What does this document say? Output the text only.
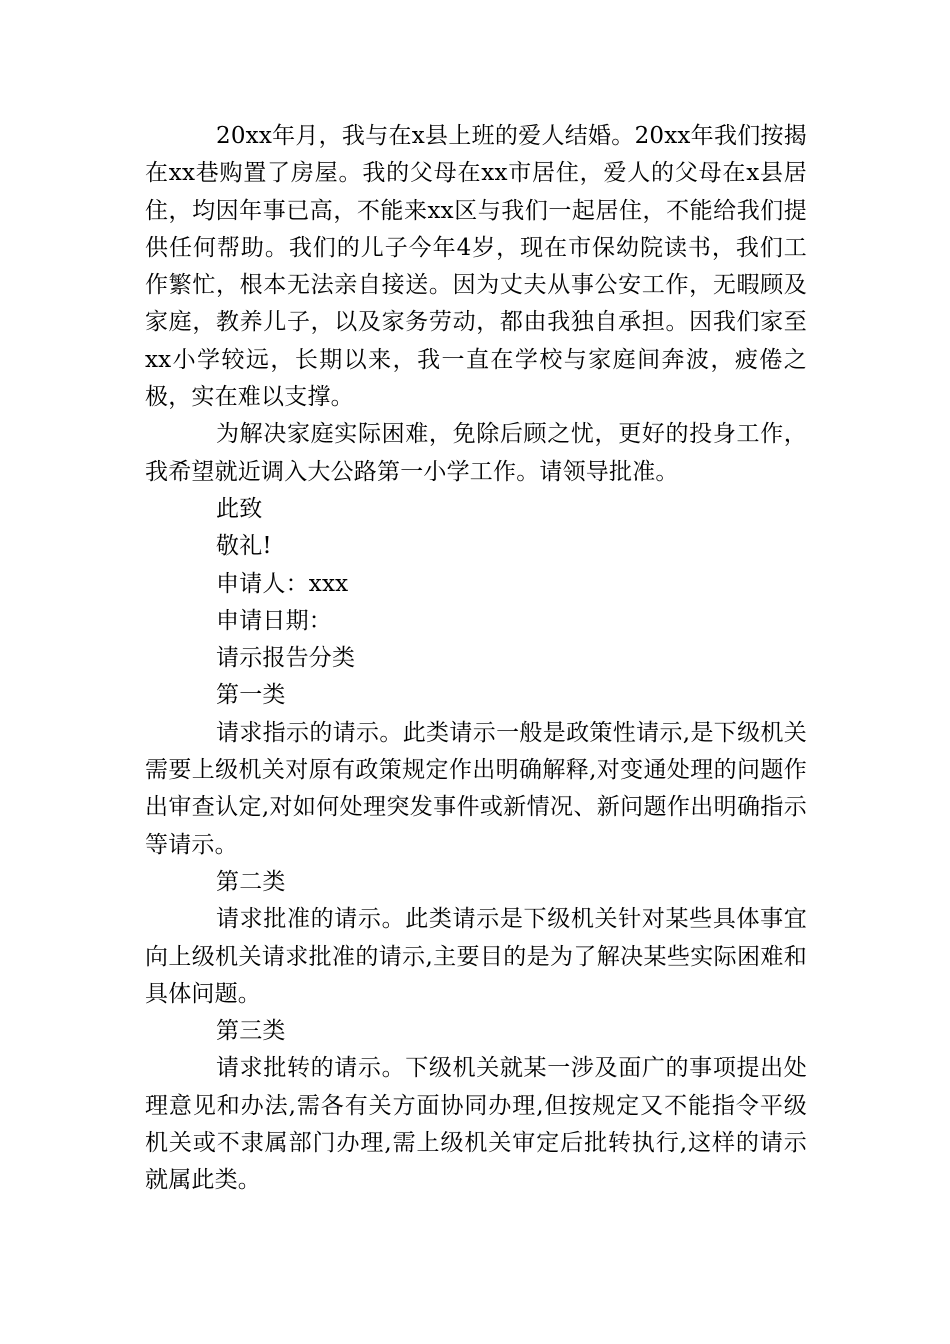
20xx年月，我与在x县上班的爱人结婚。20xx年我们按揭在xx巷购置了房屋。我的父母在xx市居住，爱人的父母在x县居住，均因年事已高，不能来xx区与我们一起居住，不能给我们提供任何帮助。我们的儿子今年4岁，现在市保幼院读书，我们工作繁忙，根本无法亲自接送。因为丈夫从事公安工作，无暇顾及家庭，教养儿子，以及家务劳动，都由我独自承担。因我们家至xx小学较远，长期以来，我一直在学校与家庭间奔波，疲倦之极，实在难以支撑。

为解决家庭实际困难，免除后顾之忧，更好的投身工作，我希望就近调入大公路第一小学工作。请领导批准。

此致

敬礼!

申请人：xxx

申请日期：

请示报告分类

第一类

请求指示的请示。此类请示一般是政策性请示,是下级机关需要上级机关对原有政策规定作出明确解释,对变通处理的问题作出审查认定,对如何处理突发事件或新情况、新问题作出明确指示等请示。

第二类

请求批准的请示。此类请示是下级机关针对某些具体事宜向上级机关请求批准的请示,主要目的是为了解决某些实际困难和具体问题。

第三类

请求批转的请示。下级机关就某一涉及面广的事项提出处理意见和办法,需各有关方面协同办理,但按规定又不能指令平级机关或不隶属部门办理,需上级机关审定后批转执行,这样的请示就属此类。
